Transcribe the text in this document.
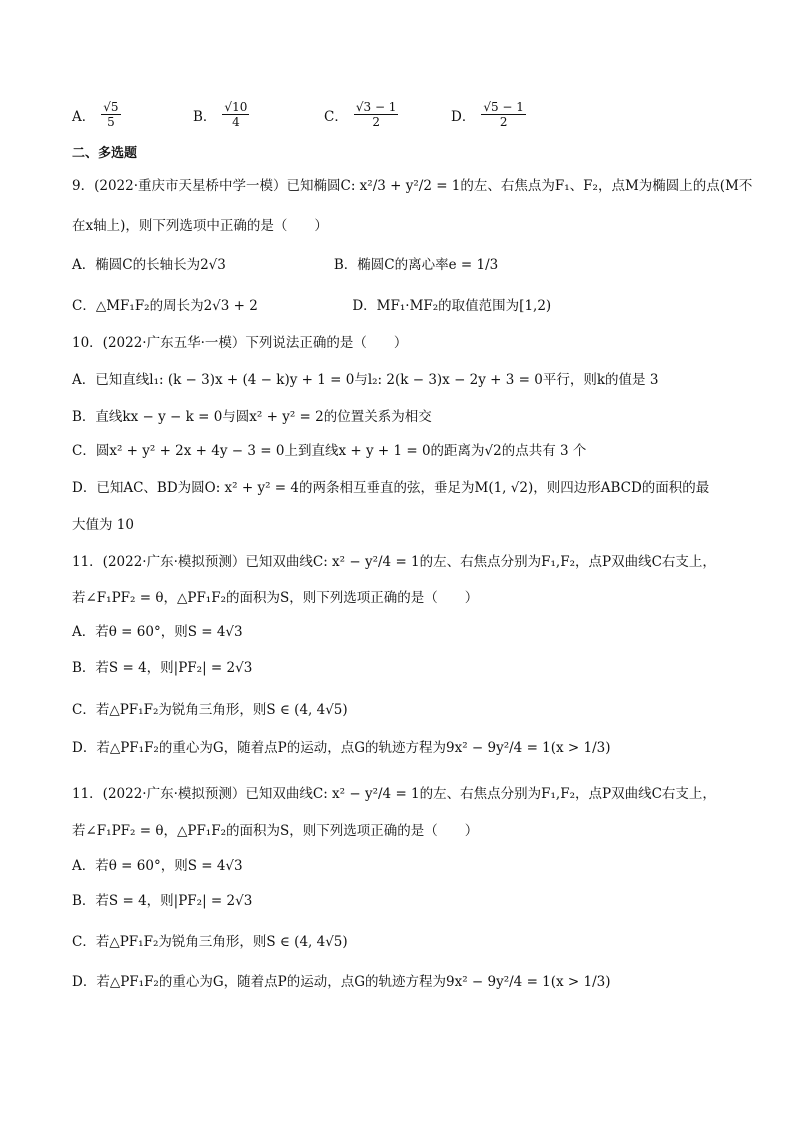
A． $\frac{√5}{5}$	B． $\frac{√10}{4}$	C． $\frac{√3 - 1}{2}$	D． $\frac{√5 - 1}{2}$
二、多选题
9．(2022·重庆市天星桥中学一模）已知椭圆C: x²/3 + y²/2 = 1的左、右焦点为F₁、F₂，点M为椭圆上的点(M不
在x轴上)，则下列选项中正确的是（　　）
A．椭圆C的长轴长为2√3　　　　　　　　B．椭圆C的离心率e = 1/3
C．△MF₁F₂的周长为2√3 + 2　　　　　　　D．MF₁·MF₂的取值范围为[1,2)
10．(2022·广东五华·一模）下列说法正确的是（　　）
A．已知直线l₁: (k − 3)x + (4 − k)y + 1 = 0与l₂: 2(k − 3)x − 2y + 3 = 0平行，则k的值是 3
B．直线kx − y − k = 0与圆x² + y² = 2的位置关系为相交
C．圆x² + y² + 2x + 4y − 3 = 0上到直线x + y + 1 = 0的距离为√2的点共有 3 个
D．已知AC、BD为圆O: x² + y² = 4的两条相互垂直的弦，垂足为M(1, √2)，则四边形ABCD的面积的最
大值为 10
11．(2022·广东·模拟预测）已知双曲线C: x² − y²/4 = 1的左、右焦点分别为F₁,F₂，点P双曲线C右支上，
若∠F₁PF₂ = θ，△PF₁F₂的面积为S，则下列选项正确的是（　　）
A．若θ = 60°，则S = 4√3
B．若S = 4，则|PF₂| = 2√3
C．若△PF₁F₂为锐角三角形，则S ∈ (4, 4√5)
D．若△PF₁F₂的重心为G，随着点P的运动，点G的轨迹方程为9x² − 9y²/4 = 1(x > 1/3)
11．(2022·广东·模拟预测）已知双曲线C: x² − y²/4 = 1的左、右焦点分别为F₁,F₂，点P双曲线C右支上，
若∠F₁PF₂ = θ，△PF₁F₂的面积为S，则下列选项正确的是（　　）
A．若θ = 60°，则S = 4√3
B．若S = 4，则|PF₂| = 2√3
C．若△PF₁F₂为锐角三角形，则S ∈ (4, 4√5)
D．若△PF₁F₂的重心为G，随着点P的运动，点G的轨迹方程为9x² − 9y²/4 = 1(x > 1/3)
